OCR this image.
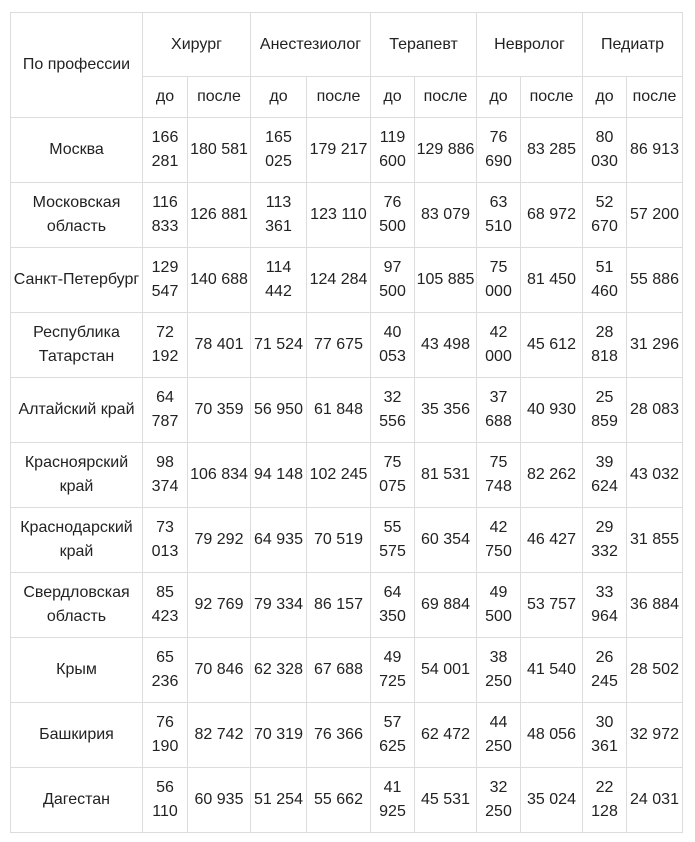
По профессии	Хирург		Анестезиолог		Терапевт		Невролог		Педиатр	
	до	после	до	после	до	после	до	после	до	после
Москва	166 281	180 581	165 025	179 217	119 600	129 886	76 690	83 285	80 030	86 913
Московская область	116 833	126 881	113 361	123 110	76 500	83 079	63 510	68 972	52 670	57 200
Санкт-Петербург	129 547	140 688	114 442	124 284	97 500	105 885	75 000	81 450	51 460	55 886
Республика Татарстан	72 192	78 401	71 524	77 675	40 053	43 498	42 000	45 612	28 818	31 296
Алтайский край	64 787	70 359	56 950	61 848	32 556	35 356	37 688	40 930	25 859	28 083
Красноярский край	98 374	106 834	94 148	102 245	75 075	81 531	75 748	82 262	39 624	43 032
Краснодарский край	73 013	79 292	64 935	70 519	55 575	60 354	42 750	46 427	29 332	31 855
Свердловская область	85 423	92 769	79 334	86 157	64 350	69 884	49 500	53 757	33 964	36 884
Крым	65 236	70 846	62 328	67 688	49 725	54 001	38 250	41 540	26 245	28 502
Башкирия	76 190	82 742	70 319	76 366	57 625	62 472	44 250	48 056	30 361	32 972
Дагестан	56 110	60 935	51 254	55 662	41 925	45 531	32 250	35 024	22 128	24 031
